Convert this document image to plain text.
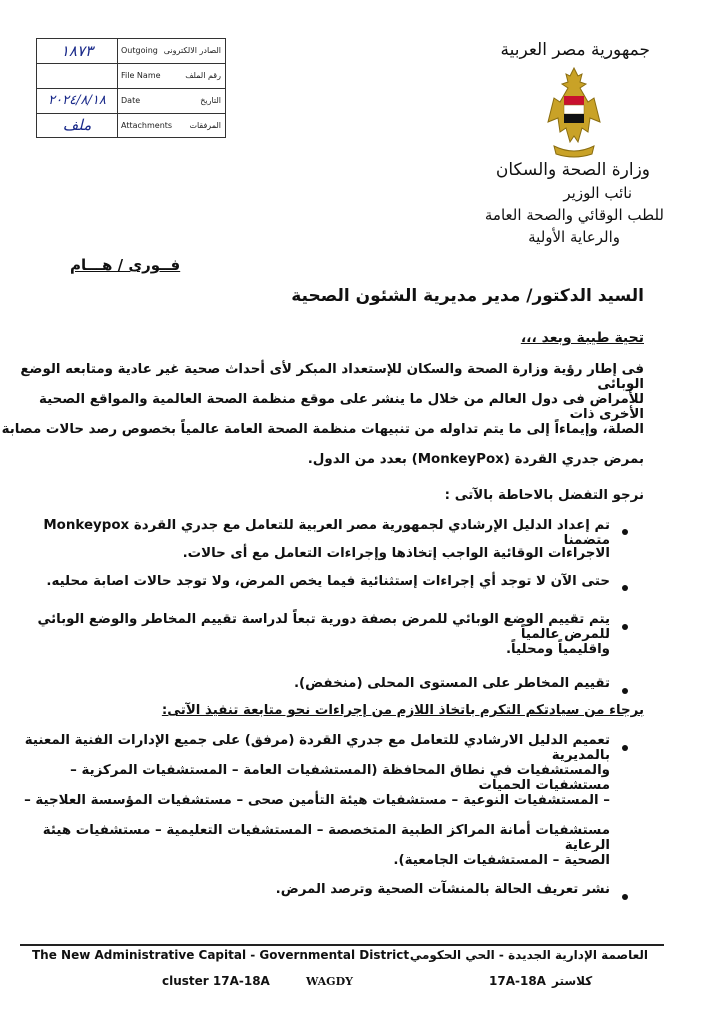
١٨٧٣	Outgoing الصادر الالكترونى
File Name	رقم الملف
٢٠٢٤/٨/١٨	Date	التاريخ
ملف	Attachments المرفقات
جمهورية مصر العربية
وزارة الصحة والسكان
نائب الوزير
للطب الوقائي والصحة العامة
والرعاية الأولية
فــوری / هـــام
السيد الدكتور/ مدير مديرية الشئون الصحية
تحية طيبة وبعد ،،،
فى إطار رؤية وزارة الصحة والسكان للإستعداد المبكر لأى أحداث صحية غير عادية ومتابعه الوضع الوبائى
للأمراض فى دول العالم من خلال ما ينشر على موقع منظمة الصحة العالمية والمواقع الصحية الأخرى ذات
الصلة، وإيماءاً إلى ما يتم تداوله من تنبيهات منظمة الصحة العامة عالمياً بخصوص رصد حالات مصابة
بمرض جدري القردة (MonkeyPox) بعدد من الدول.
نرجو التفضل بالاحاطة بالآتى :
تم إعداد الدليل الإرشادي لجمهورية مصر العربية للتعامل مع جدري القردة Monkeypox متضمنا
الاجراءات الوقائية الواجب إتخاذها وإجراءات التعامل مع أى حالات.
حتى الآن لا توجد أي إجراءات إستثنائية فيما يخص المرض، ولا توجد حالات اصابة محليه.
يتم تقييم الوضع الوبائي للمرض بصفة دورية تبعاً لدراسة تقييم المخاطر والوضع الوبائي للمرض عالمياً
واقليمياً ومحلياً.
تقييم المخاطر على المستوى المحلى (منخفض).
برجاء من سيادتكم التكرم باتخاذ اللازم من إجراءات نحو متابعة تنفيذ الآتى:
تعميم الدليل الارشادي للتعامل مع جدري القردة (مرفق) على جميع الإدارات الفنية المعنية بالمديرية
والمستشفيات في نطاق المحافظة (المستشفيات العامة – المستشفيات المركزية – مستشفيات الحميات
– المستشفيات النوعية – مستشفيات هيئة التأمين صحى – مستشفيات المؤسسة العلاجية –
مستشفيات أمانة المراكز الطبية المتخصصة – المستشفيات التعليمية – مستشفيات هيئة الرعاية
الصحية – المستشفيات الجامعية).
نشر تعريف الحالة بالمنشآت الصحية وترصد المرض.
The New Administrative Capital - Governmental District العاصمة الإدارية الجديدة - الحي الحكومي
cluster 17A-18A	WAGDY	17A-18A كلاستر
